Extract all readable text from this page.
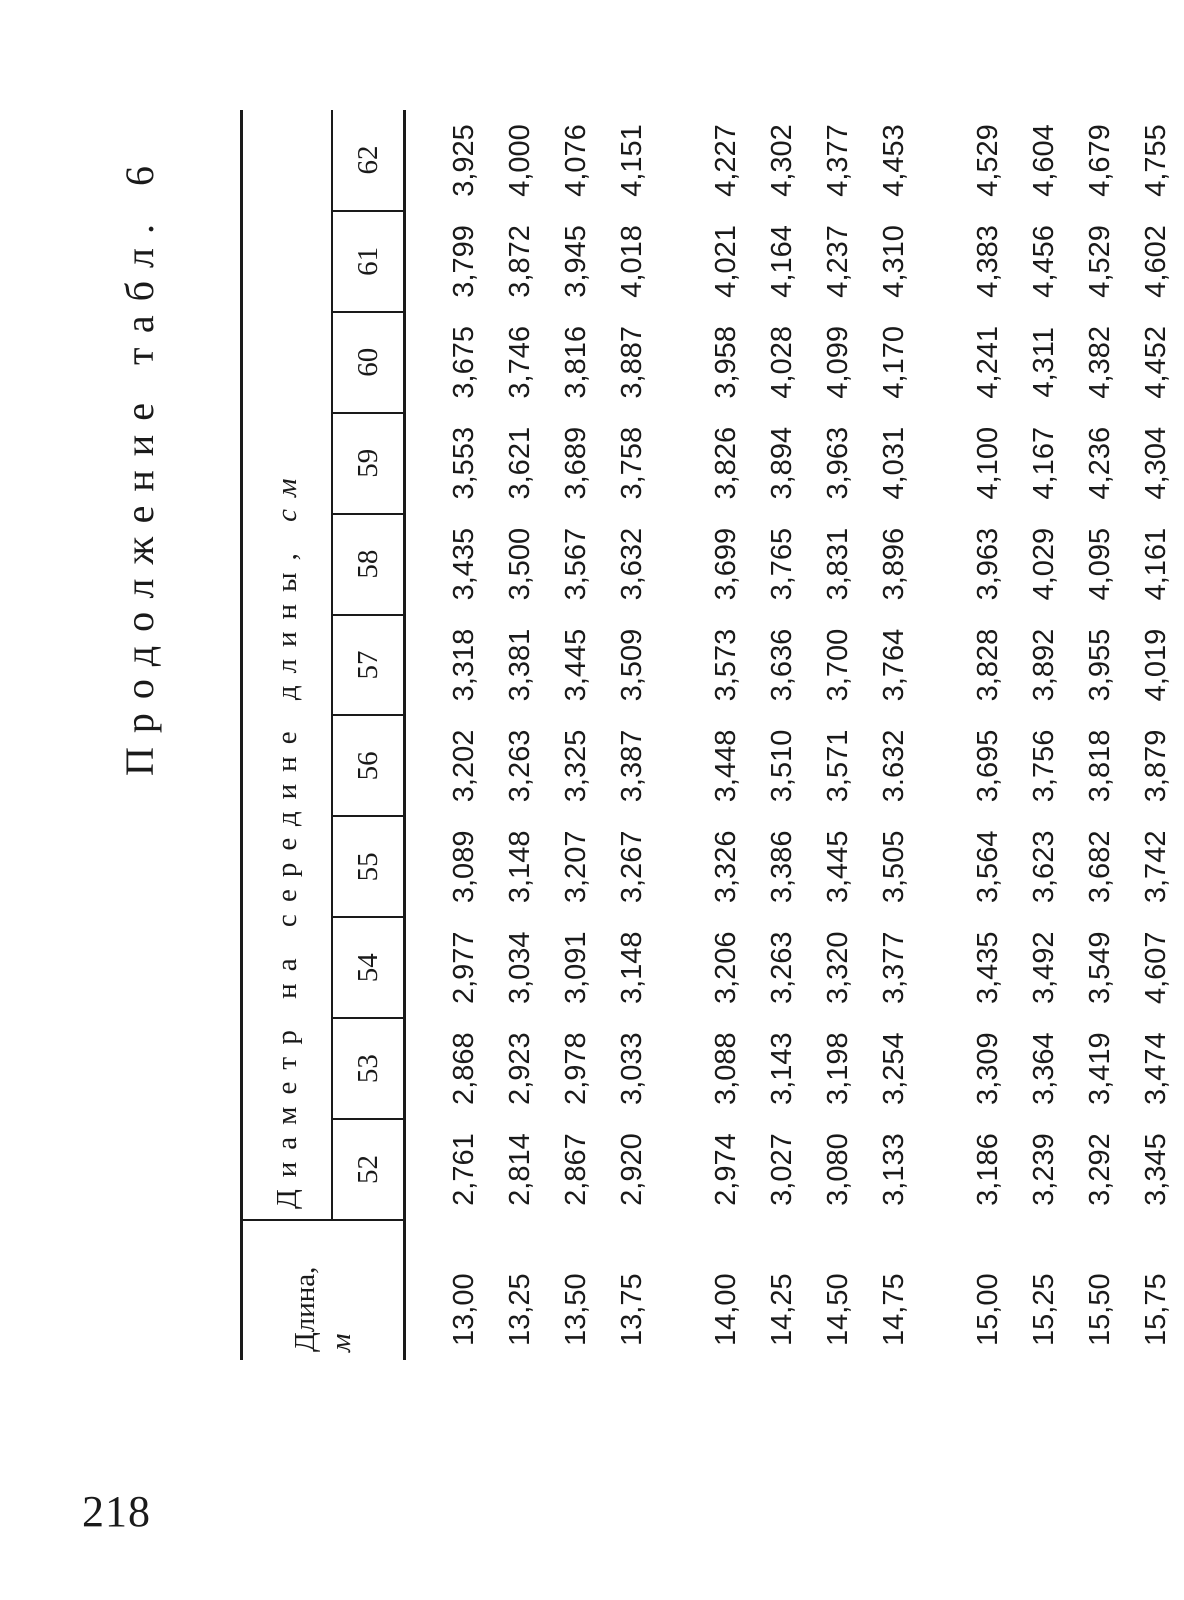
Продолжение табл. 6
Длина, м	Диаметр на середине длины, см										
	52	53	54	55	56	57	58	59	60	61	62
13,00	2,761	2,868	2,977	3,089	3,202	3,318	3,435	3,553	3,675	3,799	3,925
13,25	2,814	2,923	3,034	3,148	3,263	3,381	3,500	3,621	3,746	3,872	4,000
13,50	2,867	2,978	3,091	3,207	3,325	3,445	3,567	3,689	3,816	3,945	4,076
13,75	2,920	3,033	3,148	3,267	3,387	3,509	3,632	3,758	3,887	4,018	4,151
14,00	2,974	3,088	3,206	3,326	3,448	3,573	3,699	3,826	3,958	4,021	4,227
14,25	3,027	3,143	3,263	3,386	3,510	3,636	3,765	3,894	4,028	4,164	4,302
14,50	3,080	3,198	3,320	3,445	3,571	3,700	3,831	3,963	4,099	4,237	4,377
14,75	3,133	3,254	3,377	3,505	3.632	3,764	3,896	4,031	4,170	4,310	4,453
15,00	3,186	3,309	3,435	3,564	3,695	3,828	3,963	4,100	4,241	4,383	4,529
15,25	3,239	3,364	3,492	3,623	3,756	3,892	4,029	4,167	4,311	4,456	4,604
15,50	3,292	3,419	3,549	3,682	3,818	3,955	4,095	4,236	4,382	4,529	4,679
15,75	3,345	3,474	4,607	3,742	3,879	4,019	4,161	4,304	4,452	4,602	4,755
218
